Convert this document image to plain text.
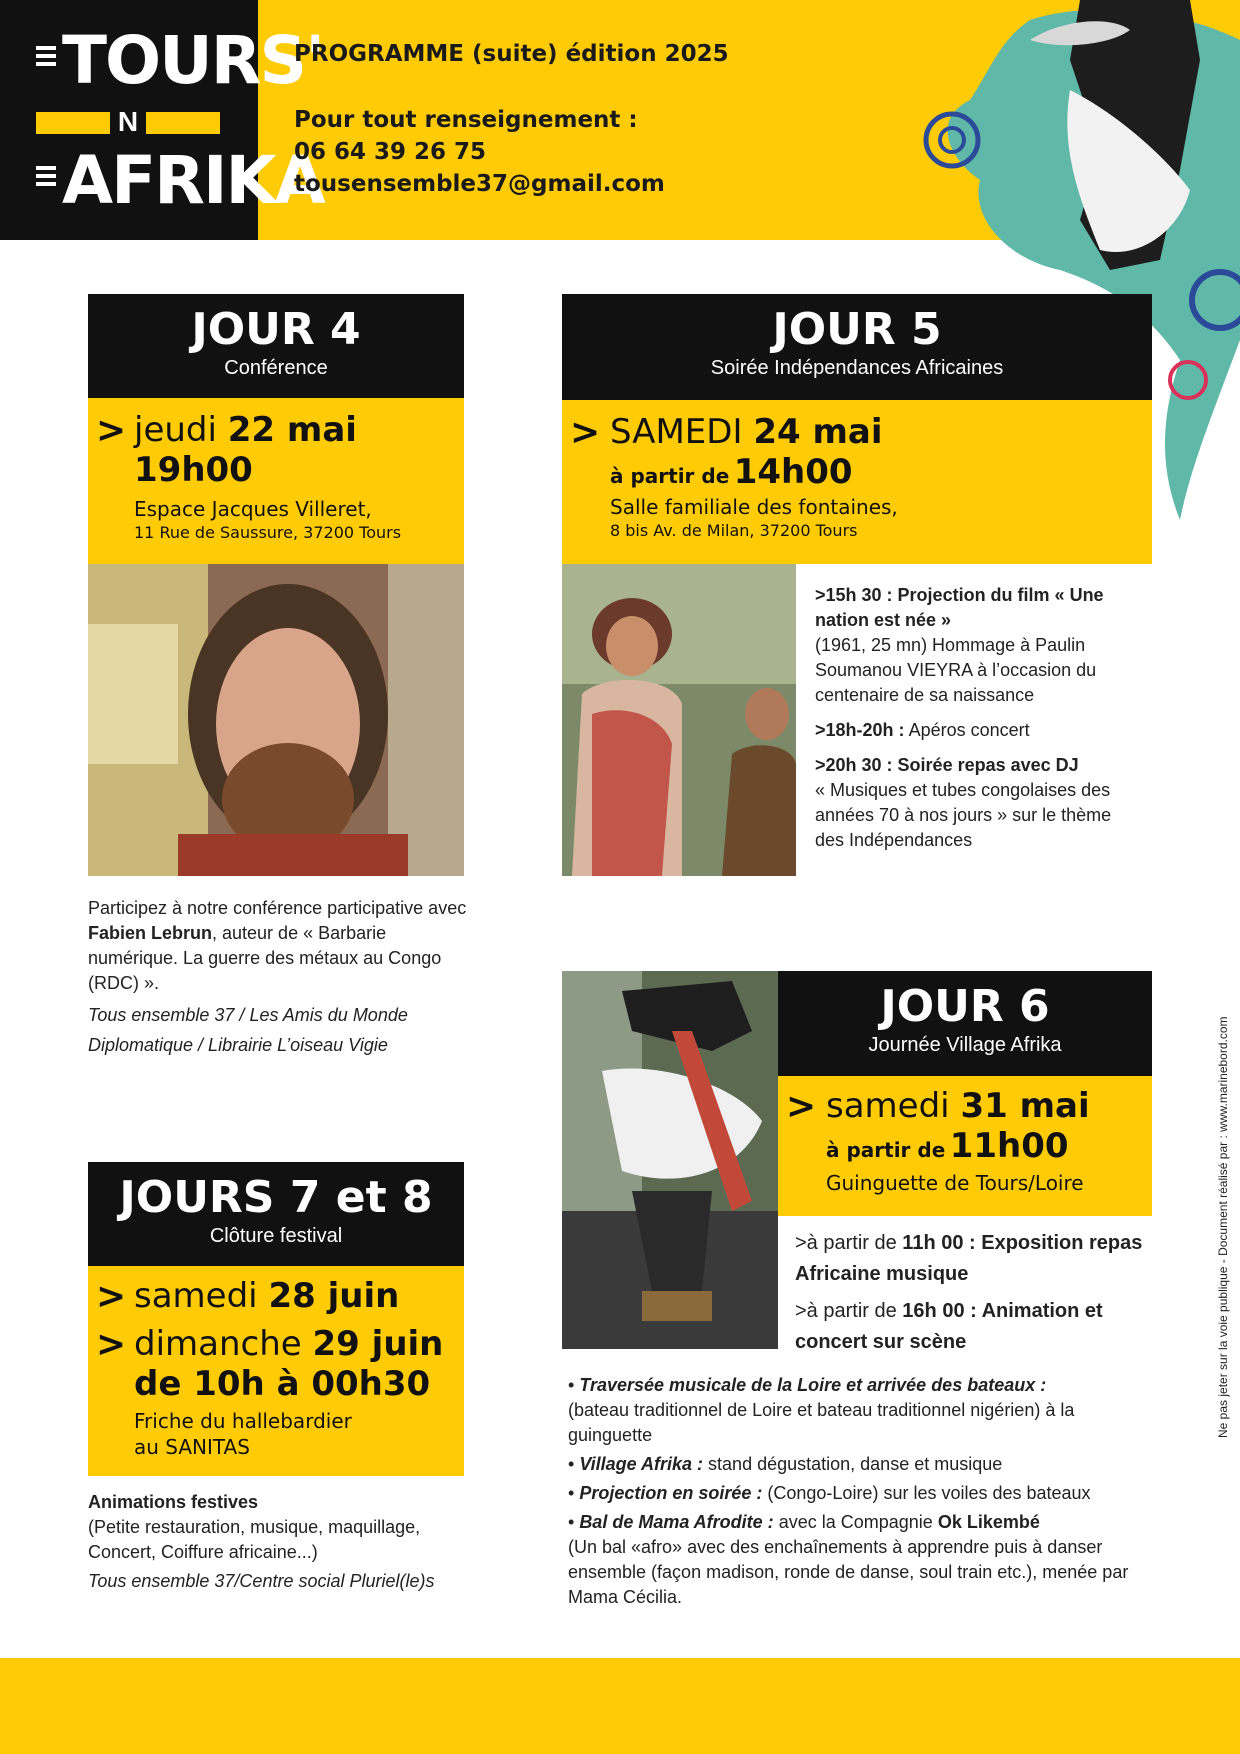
TOURS'
N
AFRIKA
PROGRAMME (suite) édition 2025
Pour tout renseignement :
06 64 39 26 75
tousensemble37@gmail.com
JOUR 4
Conférence
> jeudi 22 mai
19h00
Espace Jacques Villeret,
11 Rue de Saussure, 37200 Tours
Participez à notre conférence participative avec Fabien Lebrun, auteur de « Barbarie numérique. La guerre des métaux au Congo (RDC) ».
Tous ensemble 37 / Les Amis du Monde Diplomatique / Librairie L’oiseau Vigie
JOUR 5
Soirée Indépendances Africaines
> SAMEDI 24 mai
à partir de 14h00
Salle familiale des fontaines,
8 bis Av. de Milan, 37200 Tours

>15h 30 : Projection du film « Une nation est née »
(1961, 25 mn) Hommage à Paulin Soumanou VIEYRA à l’occasion du centenaire de sa naissance

>18h-20h : Apéros concert

>20h 30 : Soirée repas avec DJ
« Musiques et tubes congolaises des années 70 à nos jours » sur le thème des Indépendances

JOUR 6
Journée Village Afrika
> samedi 31 mai
à partir de 11h00
Guinguette de Tours/Loire

>à partir de 11h 00 : Exposition repas Africaine musique

>à partir de 16h 00 : Animation et concert sur scène

• Traversée musicale de la Loire et arrivée des bateaux :
(bateau traditionnel de Loire et bateau traditionnel nigérien) à la guinguette

• Village Afrika : stand dégustation, danse et musique

• Projection en soirée : (Congo-Loire) sur les voiles des bateaux

• Bal de Mama Afrodite : avec la Compagnie Ok Likembé
(Un bal «afro» avec des enchaînements à apprendre puis à danser ensemble (façon madison, ronde de danse, soul train etc.), menée par Mama Cécilia.

JOURS 7 et 8
Clôture festival
>
>
samedi 28 juin
dimanche 29 juin
de 10h à 00h30
Friche du hallebardier
au SANITAS
Animations festives
(Petite restauration, musique, maquillage, Concert, Coiffure africaine...)
Tous ensemble 37/Centre social Pluriel(le)s
Ne pas jeter sur la voie publique - Document réalisé par : www.marinebord.com
